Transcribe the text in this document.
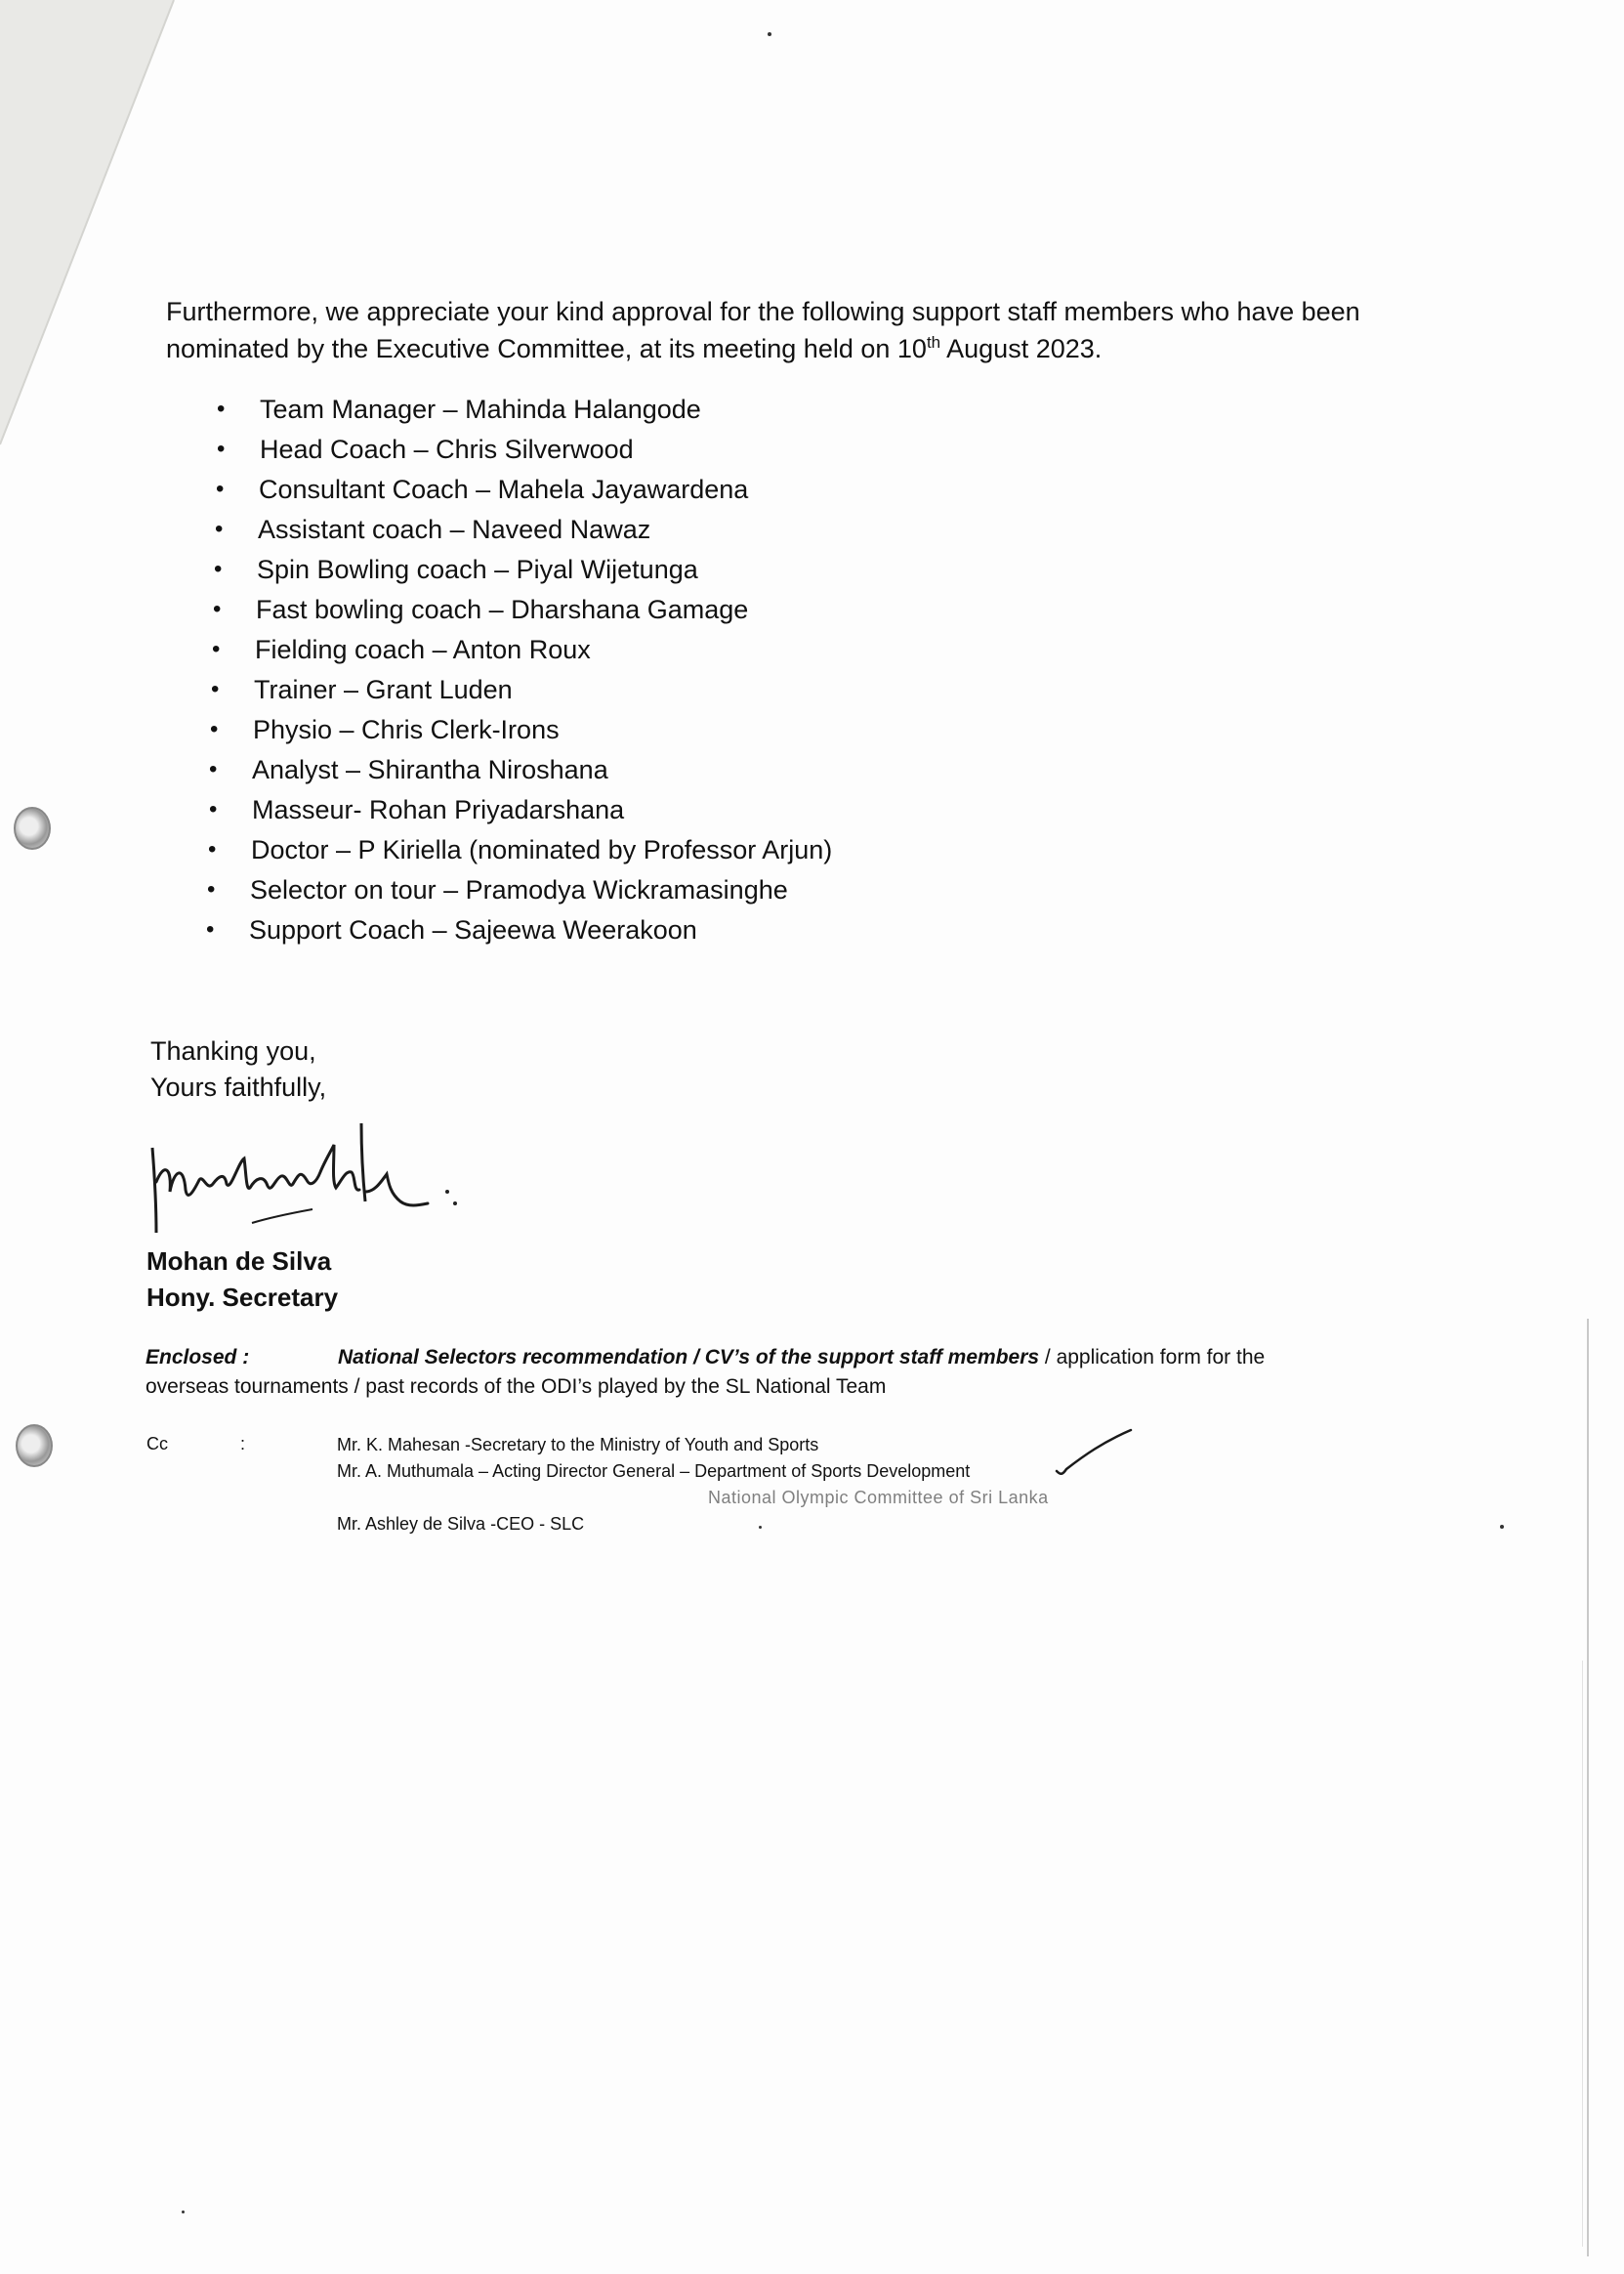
Furthermore, we appreciate your kind approval for the following support staff members who have been nominated by the Executive Committee, at its meeting held on 10th August 2023.

• Team Manager – Mahinda Halangode
• Head Coach – Chris Silverwood
• Consultant Coach – Mahela Jayawardena
• Assistant coach – Naveed Nawaz
• Spin Bowling coach – Piyal Wijetunga
• Fast bowling coach – Dharshana Gamage
• Fielding coach – Anton Roux
• Trainer – Grant Luden
• Physio – Chris Clerk-Irons
• Analyst – Shirantha Niroshana
• Masseur- Rohan Priyadarshana
• Doctor – P Kiriella (nominated by Professor Arjun)
• Selector on tour – Pramodya Wickramasinghe
• Support Coach – Sajeewa Weerakoon
Thanking you,
Yours faithfully,
Mohan de Silva
Hony. Secretary
Enclosed :	National Selectors recommendation / CV’s of the support staff members / application form for the
overseas tournaments / past records of the ODI’s played by the SL National Team
Cc	:	Mr. K. Mahesan -Secretary to the Ministry of Youth and Sports
Mr. A. Muthumala – Acting Director General – Department of Sports Development
National Olympic Committee of Sri Lanka
Mr. Ashley de Silva -CEO - SLC
